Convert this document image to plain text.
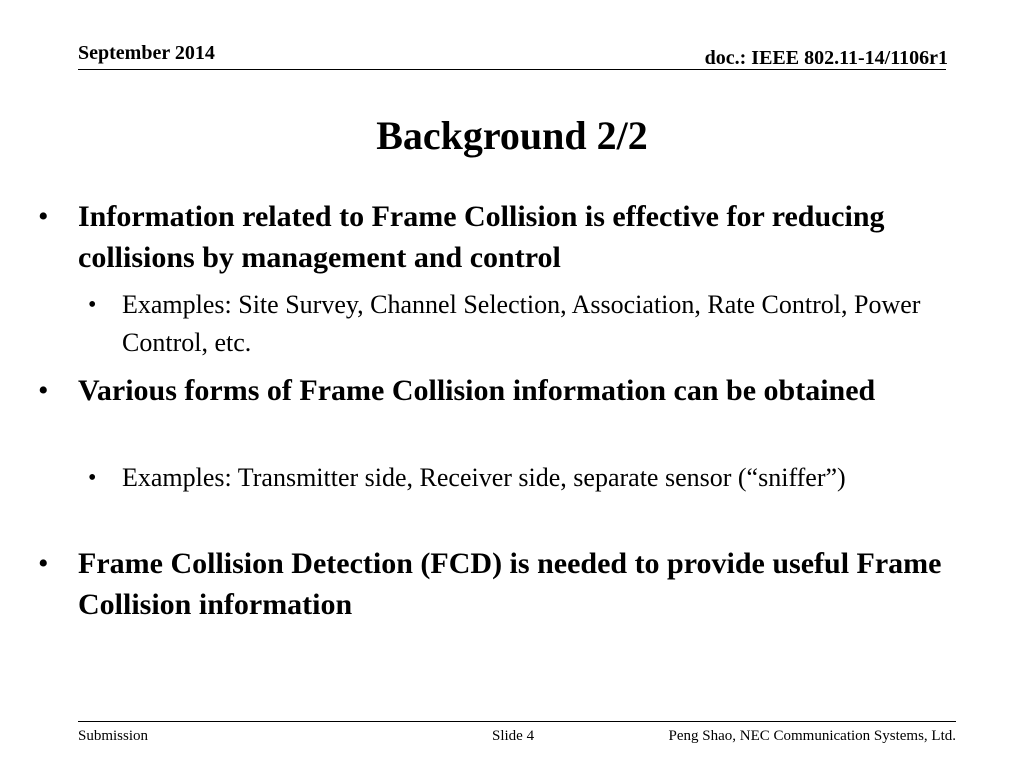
September 2014	doc.: IEEE 802.11-14/1106r1
Background 2/2
• Information related to Frame Collision is effective for reducing collisions by management and control
• Examples: Site Survey, Channel Selection, Association, Rate Control, Power Control, etc.
• Various forms of Frame Collision information can be obtained
• Examples: Transmitter side, Receiver side, separate sensor (“sniffer”)
• Frame Collision Detection (FCD) is needed to provide useful Frame Collision information
Submission	Slide 4	Peng Shao, NEC Communication Systems, Ltd.
